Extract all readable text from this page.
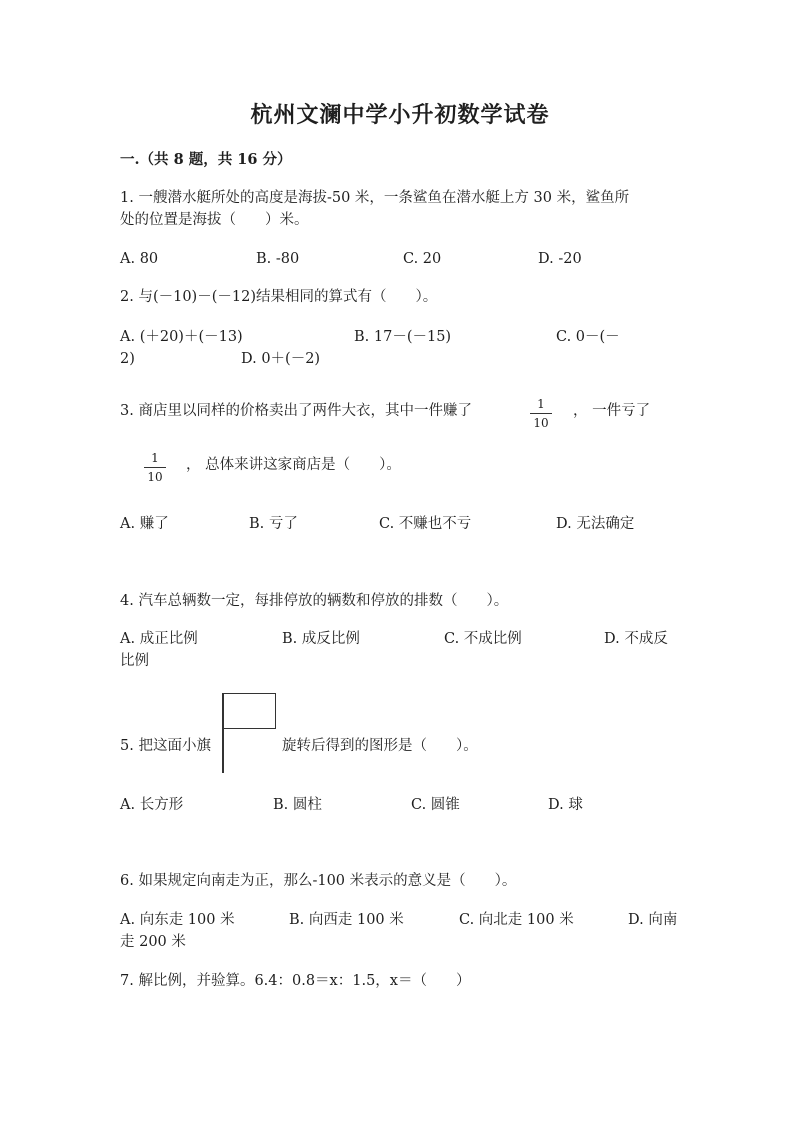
杭州文澜中学小升初数学试卷
一.（共 8 题，共 16 分）
1. 一艘潜水艇所处的高度是海拔-50 米，一条鲨鱼在潜水艇上方 30 米，鲨鱼所
处的位置是海拔（　　）米。
A. 80	B. -80	C. 20	D. -20
2. 与(－10)－(－12)结果相同的算式有（　　）。
A. (＋20)＋(－13)	B. 17－(－15)	C. 0－(－
2)	D. 0＋(－2)
3. 商店里以同样的价格卖出了两件大衣，其中一件赚了	1
10
， 一件亏了
1
10
， 总体来讲这家商店是（　　）。
A. 赚了	B. 亏了	C. 不赚也不亏	D. 无法确定
4. 汽车总辆数一定，每排停放的辆数和停放的排数（　　）。
A. 成正比例	B. 成反比例	C. 不成比例	D. 不成反
比例
5. 把这面小旗	旋转后得到的图形是（　　）。
A. 长方形	B. 圆柱	C. 圆锥	D. 球
6. 如果规定向南走为正，那么-100 米表示的意义是（　　）。
A. 向东走 100 米	B. 向西走 100 米	C. 向北走 100 米	D. 向南
走 200 米
7. 解比例，并验算。6.4：0.8＝x：1.5，x＝（　　）
